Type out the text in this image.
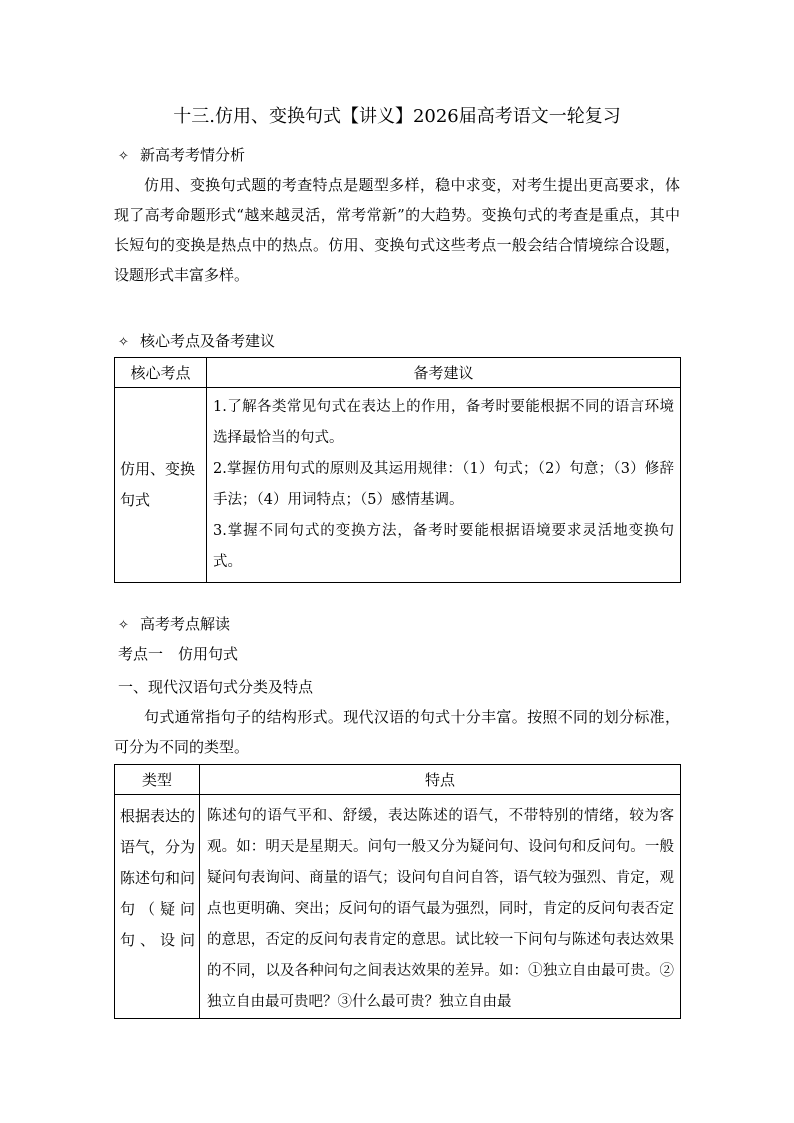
十三.仿用、变换句式【讲义】2026届高考语文一轮复习
✧ 新高考考情分析
仿用、变换句式题的考查特点是题型多样，稳中求变，对考生提出更高要求，体现了高考命题形式“越来越灵活，常考常新”的大趋势。变换句式的考查是重点，其中长短句的变换是热点中的热点。仿用、变换句式这些考点一般会结合情境综合设题，设题形式丰富多样。
✧ 核心考点及备考建议
核心考点	备考建议
仿用、变换句式	1.了解各类常见句式在表达上的作用，备考时要能根据不同的语言环境选择最恰当的句式。
2.掌握仿用句式的原则及其运用规律：（1）句式；（2）句意；（3）修辞手法；（4）用词特点；（5）感情基调。
3.掌握不同句式的变换方法，备考时要能根据语境要求灵活地变换句式。
✧ 高考考点解读
考点一　仿用句式
一、现代汉语句式分类及特点
句式通常指句子的结构形式。现代汉语的句式十分丰富。按照不同的划分标准，可分为不同的类型。
类型	特点
根据表达的语气，分为陈述句和问句（疑问句、设问	陈述句的语气平和、舒缓，表达陈述的语气，不带特别的情绪，较为客观。如：明天是星期天。问句一般又分为疑问句、设问句和反问句。一般疑问句表询问、商量的语气；设问句自问自答，语气较为强烈、肯定，观点也更明确、突出；反问句的语气最为强烈，同时，肯定的反问句表否定的意思，否定的反问句表肯定的意思。试比较一下问句与陈述句表达效果的不同，以及各种问句之间表达效果的差异。如：①独立自由最可贵。②独立自由最可贵吧？③什么最可贵？独立自由最
